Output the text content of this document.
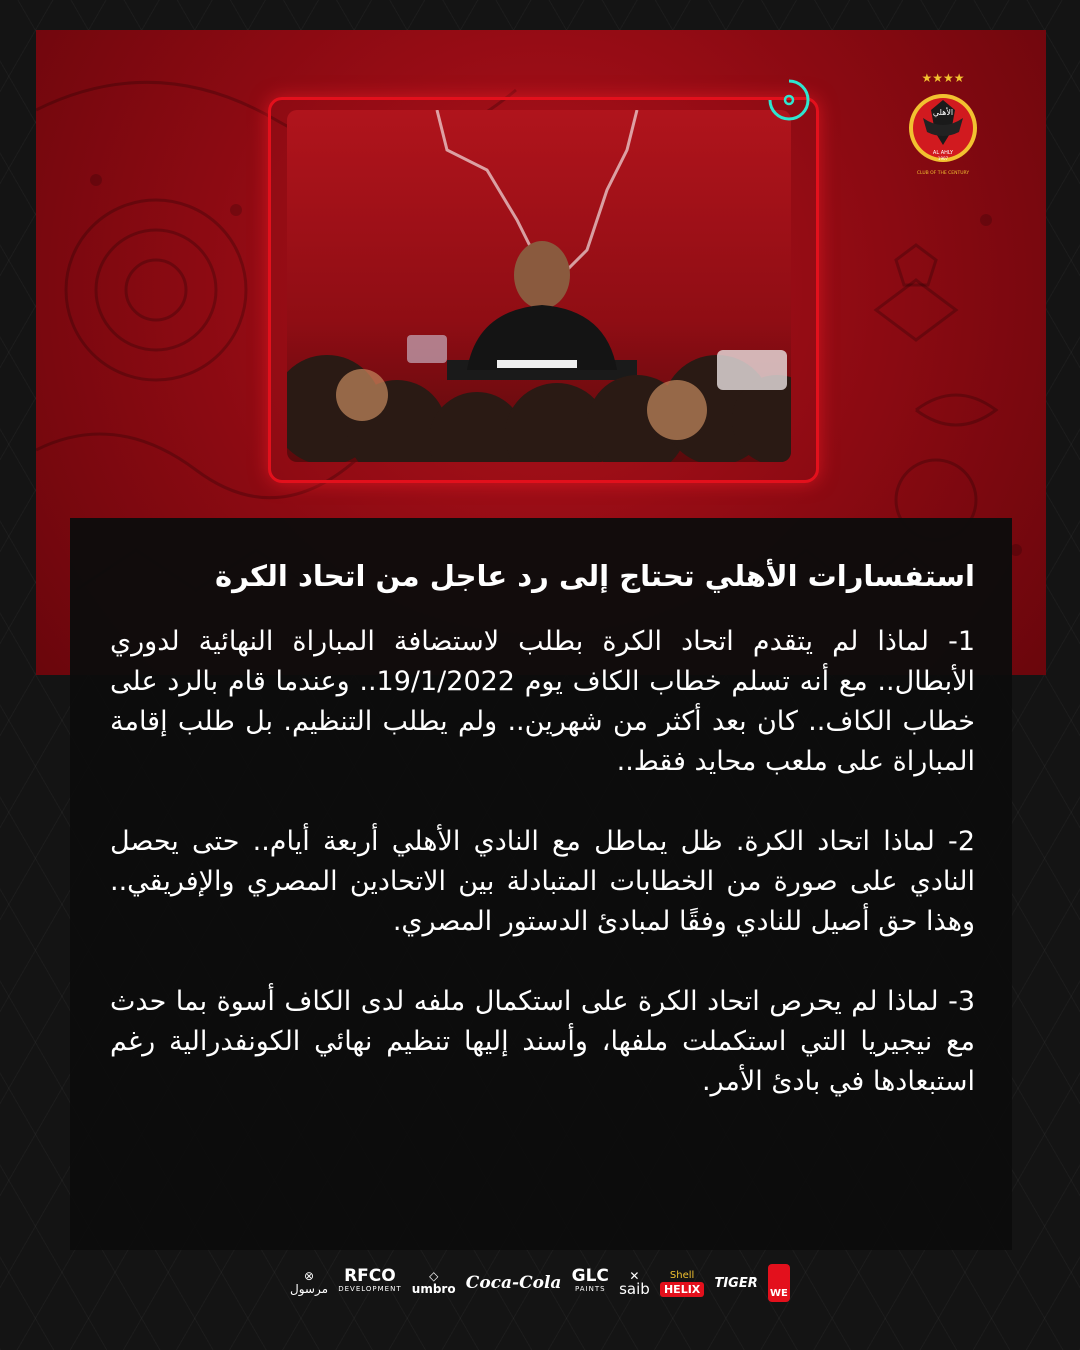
★★★★
الأهلي
AL AHLY
1907
CLUB OF THE CENTURY
استفسارات الأهلي تحتاج إلى رد عاجل من اتحاد الكرة

1- لماذا لم يتقدم اتحاد الكرة بطلب لاستضافة المباراة النهائية لدوري الأبطال.. مع أنه تسلم خطاب الكاف يوم 19/1/2022.. وعندما قام بالرد على خطاب الكاف.. كان بعد أكثر من شهرين.. ولم يطلب التنظيم. بل طلب إقامة المباراة على ملعب محايد فقط..

2- لماذا اتحاد الكرة. ظل يماطل مع النادي الأهلي أربعة أيام.. حتى يحصل النادي على صورة من الخطابات المتبادلة بين الاتحادين المصري والإفريقي.. وهذا حق أصيل للنادي وفقًا لمبادئ الدستور المصري.

3- لماذا لم يحرص اتحاد الكرة على استكمال ملفه لدى الكاف أسوة بما حدث مع نيجيريا التي استكملت ملفها، وأسند إليها تنظيم نهائي الكونفدرالية رغم استبعادها في بادئ الأمر.

⊗
مرسول
RFCO
DEVELOPMENT
◇
umbro Coca-Cola GLC
PAINTS
✕
saib
Shell
HELIX	TIGER
WE
